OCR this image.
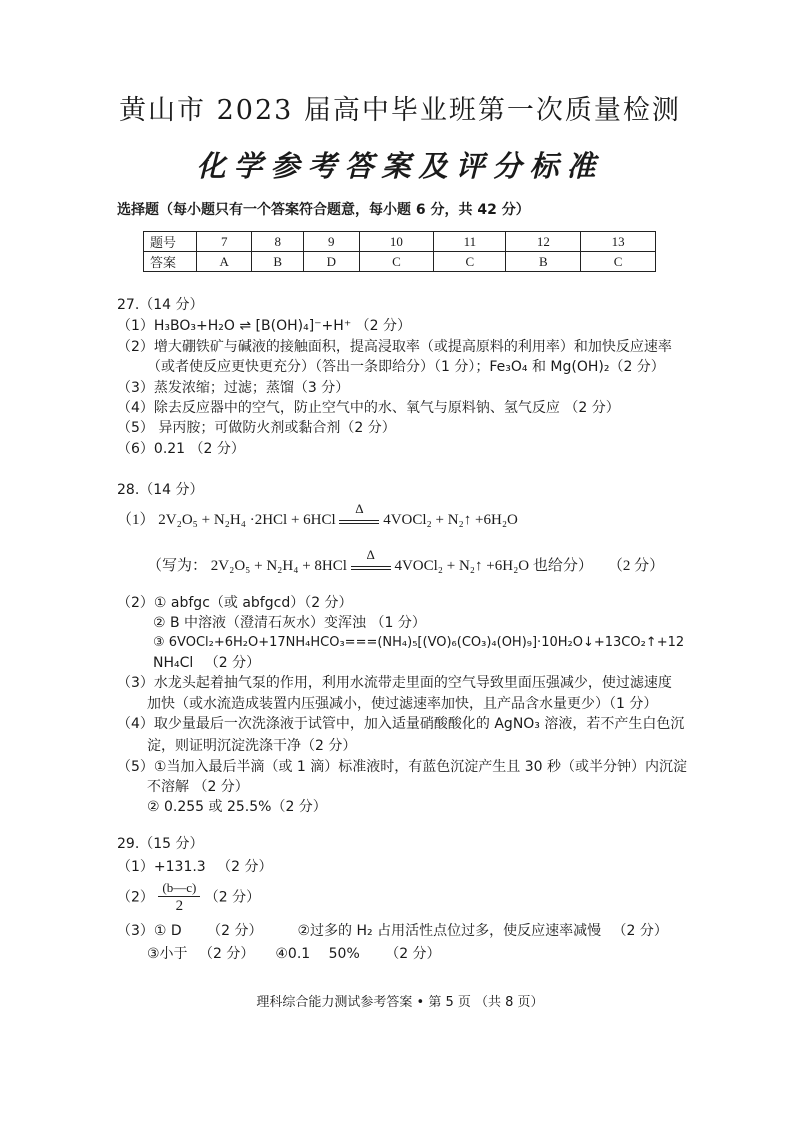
黄山市 2023 届高中毕业班第一次质量检测
化学参考答案及评分标准
选择题（每小题只有一个答案符合题意，每小题 6 分，共 42 分）
题号	7	8	9	10	11	12	13
答案	A	B	D	C	C	B	C
27.（14 分）
（1）H₃BO₃+H₂O ⇌ [B(OH)₄]⁻+H⁺ （2 分）
（2）增大硼铁矿与碱液的接触面积，提高浸取率（或提高原料的利用率）和加快反应速率
（或者使反应更快更充分）（答出一条即给分）（1 分）；Fe₃O₄ 和 Mg(OH)₂（2 分）
（3）蒸发浓缩；过滤；蒸馏（3 分）
（4）除去反应器中的空气，防止空气中的水、氧气与原料钠、氢气反应 （2 分）
（5） 异丙胺；可做防火剂或黏合剂（2 分）
（6）0.21 （2 分）
28.（14 分）
（1） 2V₂O₅ + N₂H₄ ·2HCl + 6HCl
Δ
4VOCl₂ + N₂↑ +6H₂O
（写为： 2V₂O₅ + N₂H₄ + 8HCl
Δ
4VOCl₂ + N₂↑ +6H₂O 也给分）　　（2 分）
（2）① abfgc（或 abfgcd）（2 分）
② B 中溶液（澄清石灰水）变浑浊 （1 分）
③ 6VOCl₂+6H₂O+17NH₄HCO₃===(NH₄)₅[(VO)₆(CO₃)₄(OH)₉]·10H₂O↓+13CO₂↑+12
NH₄Cl 　（2 分）
（3）水龙头起着抽气泵的作用，利用水流带走里面的空气导致里面压强减少，使过滤速度
加快（或水流造成装置内压强减小，使过滤速率加快，且产品含水量更少）（1 分）
（4）取少量最后一次洗涤液于试管中，加入适量硝酸酸化的 AgNO₃ 溶液，若不产生白色沉
淀，则证明沉淀洗涤干净（2 分）
（5）①当加入最后半滴（或 1 滴）标准液时，有蓝色沉淀产生且 30 秒（或半分钟）内沉淀
不溶解 （2 分）
② 0.255 或 25.5%（2 分）
29.（15 分）
（1）+131.3 　（2 分）
$(2) \frac{(b—c)}{2} (2$ 分）
（3）① D 　　（2 分）　　　②过多的 H₂ 占用活性点位过多，使反应速率减慢 　（2 分）
③小于 　（2 分）　　④0.1 　50% 　　（2 分）
理科综合能力测试参考答案 • 第 5 页 （共 8 页）
